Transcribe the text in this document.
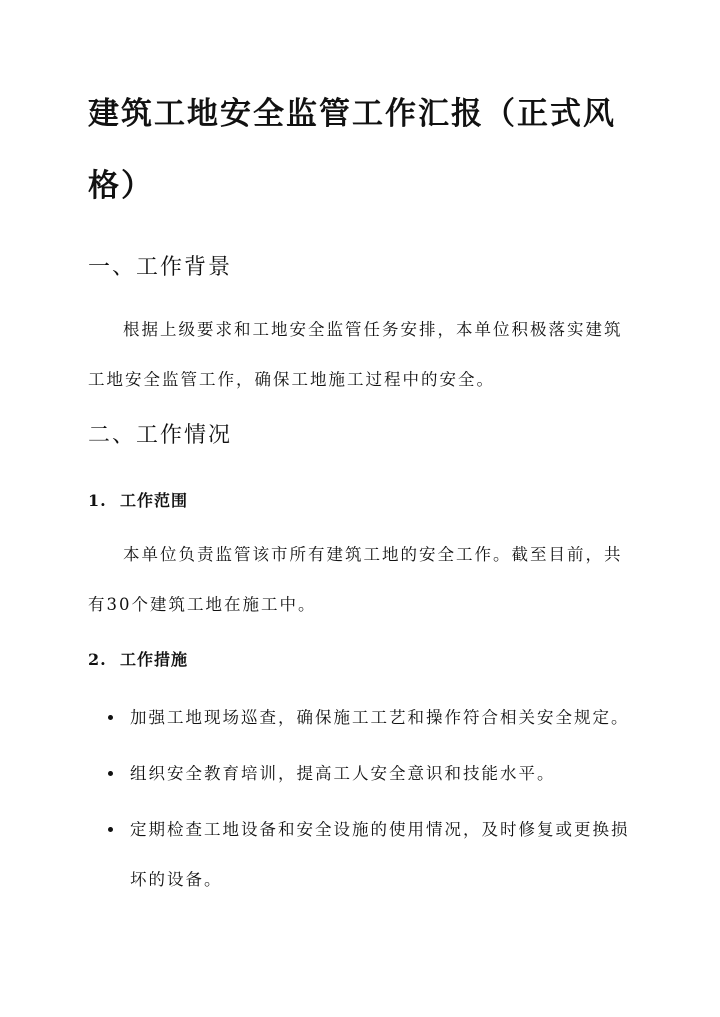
建筑工地安全监管工作汇报（正式风格）
一、工作背景

根据上级要求和工地安全监管任务安排，本单位积极落实建筑工地安全监管工作，确保工地施工过程中的安全。

二、工作情况
1. 工作范围

本单位负责监管该市所有建筑工地的安全工作。截至目前，共有30个建筑工地在施工中。

2. 工作措施
加强工地现场巡查，确保施工工艺和操作符合相关安全规定。
组织安全教育培训，提高工人安全意识和技能水平。
定期检查工地设备和安全设施的使用情况，及时修复或更换损坏的设备。
